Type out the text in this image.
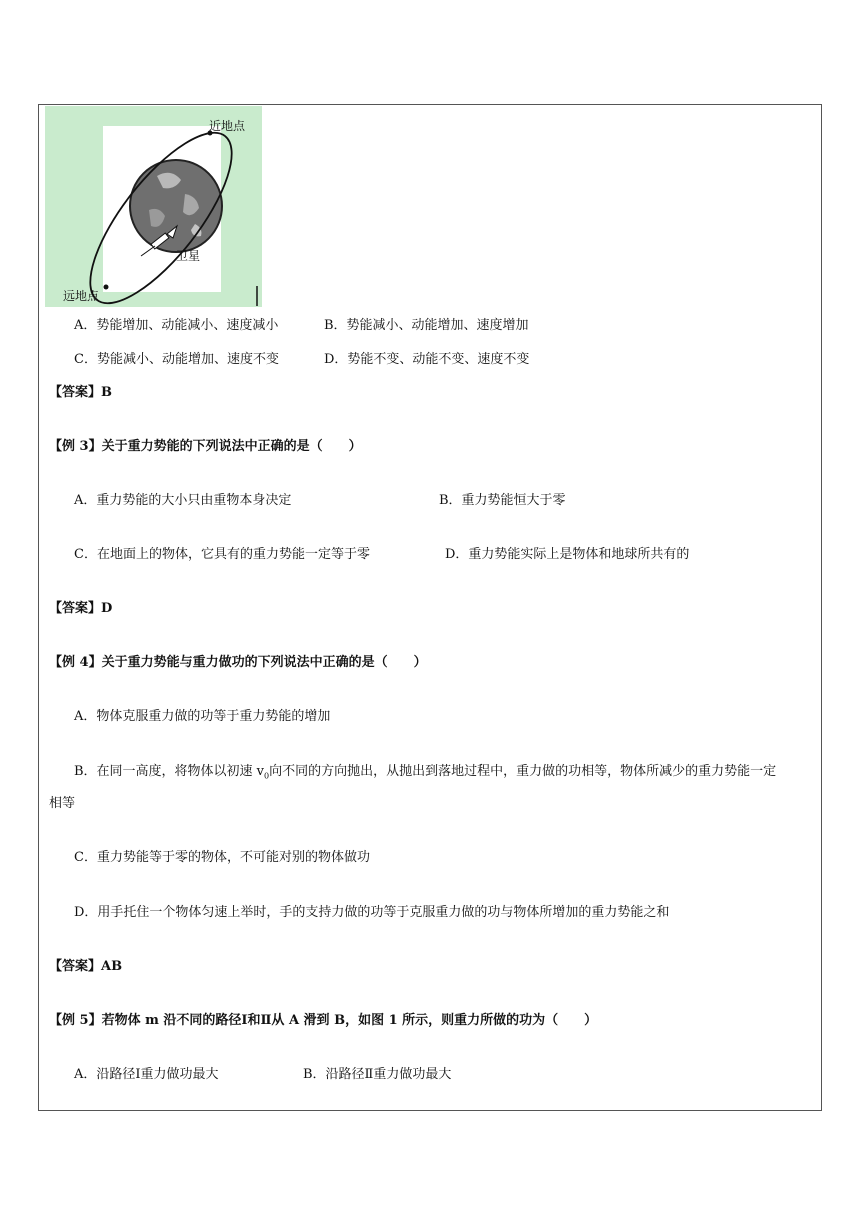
近地点
卫星
远地点
A．势能增加、动能减小、速度减小	B．势能减小、动能增加、速度增加
C．势能减小、动能增加、速度不变	D．势能不变、动能不变、速度不变
【答案】B
【例 3】关于重力势能的下列说法中正确的是（　　）
A．重力势能的大小只由重物本身决定	B．重力势能恒大于零
C．在地面上的物体，它具有的重力势能一定等于零	D．重力势能实际上是物体和地球所共有的
【答案】D
【例 4】关于重力势能与重力做功的下列说法中正确的是（　　）
A．物体克服重力做的功等于重力势能的增加
B．在同一高度，将物体以初速 $v_0$向不同的方向抛出，从抛出到落地过程中，重力做的功相等，物体所减少的重力势能一定相等
C．重力势能等于零的物体，不可能对别的物体做功
D．用手托住一个物体匀速上举时，手的支持力做的功等于克服重力做的功与物体所增加的重力势能之和
【答案】AB
【例 5】若物体 m 沿不同的路径Ⅰ和Ⅱ从 A 滑到 B，如图 1 所示，则重力所做的功为（　　）
A．沿路径Ⅰ重力做功最大	B．沿路径Ⅱ重力做功最大
